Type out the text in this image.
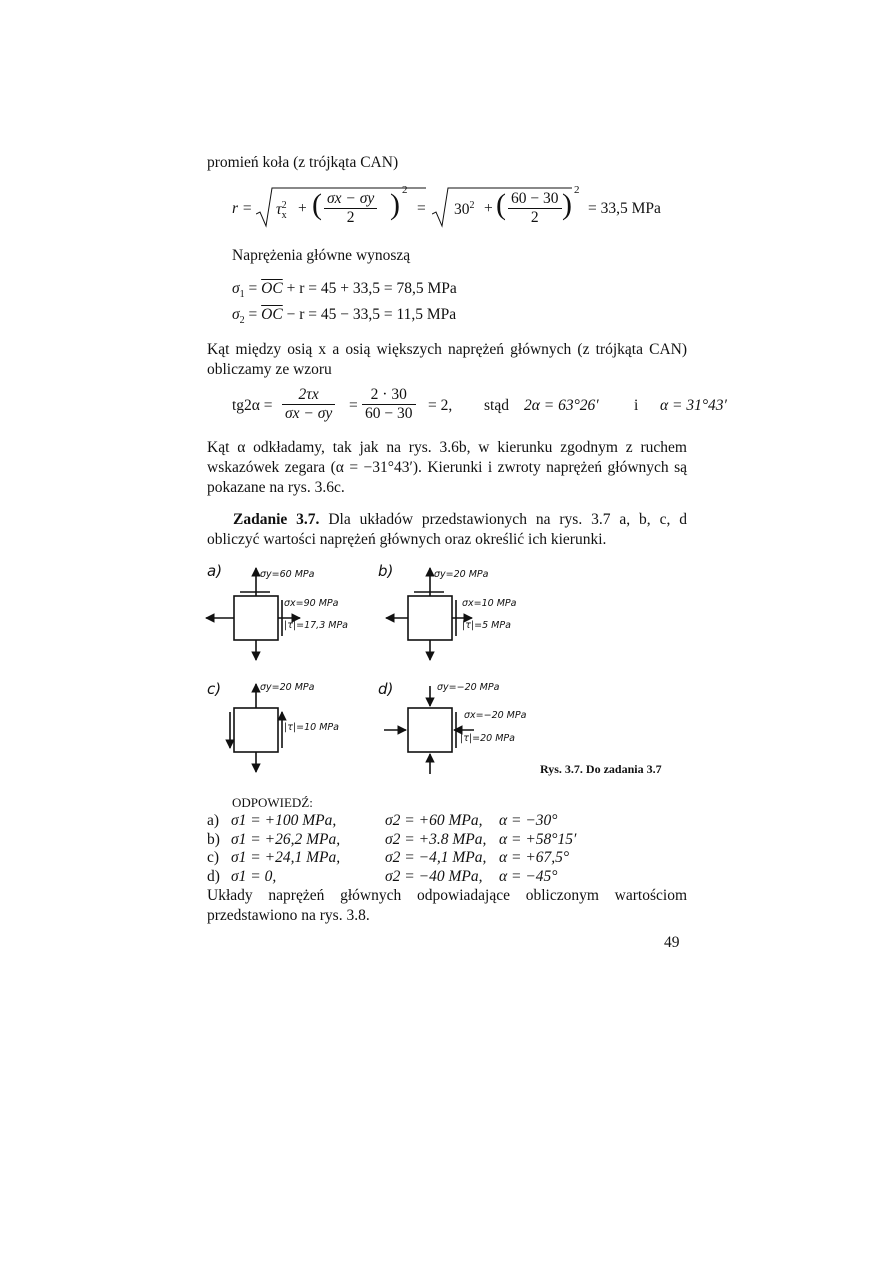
promień koła (z trójkąta CAN)
$r = \tau^2_x$ + ( $\frac{\sigma x - \sigma y}{2}$ ) 2
= $30^2$ + ( $\frac{60 - 30}{2}$ ) 2
= 33,5 MPa
Naprężenia główne wynoszą
$\sigma_1 = \overline{OC} + r = 45 + 33,5 = 78,5$ MPa
$\sigma_2 = \overline{OC} - r = 45 - 33,5 = 11,5$ MPa
Kąt między osią x a osią większych naprężeń głównych (z trójkąta CAN) obliczamy ze wzoru
$tg2\alpha = \frac{2\tau x}{\sigma x - \sigma y} = \frac{2 \cdot 30}{60 - 30} = 2$, stąd 2α = 63°26′ i α = 31°43′
Kąt α odkładamy, tak jak na rys. 3.6b, w kierunku zgodnym z ruchem wskazówek zegara (α = −31°43′). Kierunki i zwroty naprężeń głównych są pokazane na rys. 3.6c.
Zadanie 3.7. Dla układów przedstawionych na rys. 3.7 a, b, c, d obliczyć wartości naprężeń głównych oraz określić ich kierunki.
a)	σy=60 MPa
σx=90 MPa
|τ|=17,3 MPa
b)	σy=20 MPa
σx=10 MPa
|τ|=5 MPa
c)	σy=20 MPa
|τ|=10 MPa
d)	σy=−20 MPa
σx=−20 MPa
|τ|=20 MPa
Rys. 3.7. Do zadania 3.7
ODPOWIEDŹ:
a)	σ1 = +100 MPa,	σ2 = +60 MPa,	α = −30°
b)	σ1 = +26,2 MPa,	σ2 = +3.8 MPa,	α = +58°15′
c)	σ1 = +24,1 MPa,	σ2 = −4,1 MPa,	α = +67,5°
d)	σ1 = 0,	σ2 = −40 MPa,	α = −45°
Układy naprężeń głównych odpowiadające obliczonym wartościom przedstawiono na rys. 3.8.
49
